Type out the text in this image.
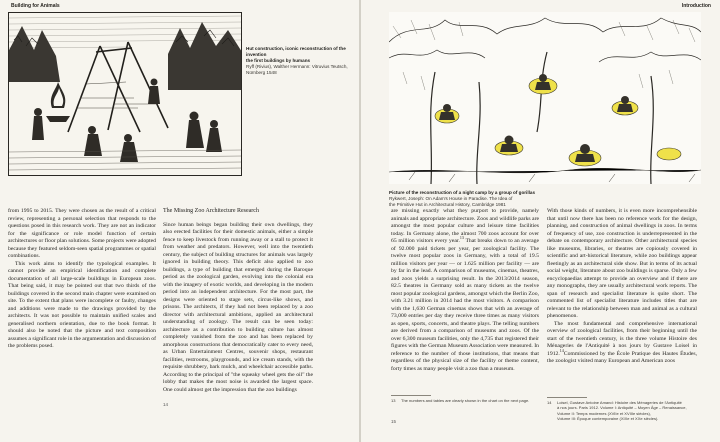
Building for Animals
Hut construction, iconic reconstruction of the invention
the first buildings by humans
Ryff (Rivius), Walther Hermann: Vitruvius Teutsch, Nürnberg 1548

from 1995 to 2015. They were chosen as the result of a critical review, representing a personal selection that responds to the questions posed in this research work. They are not an indicator for the significance or role model function of certain architectures or floor plan solutions. Some projects were adopted because they featured seldom-seen spatial programmes or spatial combinations.

This work aims to identify the typological examples. It cannot provide an empirical identification and complete documentation of all large-scale buildings in European zoos. That being said, it may be pointed out that two thirds of the buildings covered in the second main chapter were examined on site. To the extent that plans were incomplete or faulty, changes and additions were made to the drawings provided by the architects. It was not possible to maintain unified scales and generalised northern orientation, due to the book format. It should also be noted that the picture and text composition assumes a significant role in the argumentation and discussion of the problems posed.

The Missing Zoo Architecture Research

Since human beings began building their own dwellings, they also erected facilities for their domestic animals, either a simple fence to keep livestock from running away or a stall to protect it from weather and predators. However, well into the twentieth century, the subject of building structures for animals was largely ignored in building theory. This deficit also applied to zoo buildings, a type of building that emerged during the Baroque period as the zoological garden, evolving into the colonial era with the imagery of exotic worlds, and developing in the modern period into an independent architecture. For the most part, the designs were oriented to stage sets, circus-like shows, and prisons. The architects, if they had not been replaced by a zoo director with architectural ambitions, applied an architectural understanding of zoology. The result can be seen today: architecture as a contribution to building culture has almost completely vanished from the zoo and has been replaced by amorphous constructions that democratically cater to every need, as Urban Entertainment Centres, souvenir shops, restaurant facilities, restrooms, playgrounds, and ice cream stands, with the requisite shrubbery, bark mulch, and wheelchair accessible paths. According to the principal of "the squeaky wheel gets the oil" the lobby that makes the most noise is awarded the largest space. One could almost get the impression that the zoo buildings

14
Introduction
Picture of the reconstruction of a night camp by a group of gorillas
Rykwert, Joseph: On Adam's House in Paradise. The Idea of
the Primitive Hut in Architectural History, Cambridge 1981

are missing exactly what they purport to provide, namely animals and appropriate architecture. Zoos and wildlife parks are amongst the most popular culture and leisure time facilities today. In Germany alone, the almost 700 zoos account for over 65 million visitors every year.$^{13}$ That breaks down to an average of 92.000 paid tickets per year, per zoological facility. The twelve most popular zoos in Germany, with a total of 19.5 million visitors per year — or 1.625 million per facility — are by far in the lead. A comparison of museums, cinemas, theatres, and zoos yields a surprising result. In the 2013/2014 season, 82.5 theatres in Germany sold as many tickets as the twelve most popular zoological gardens, amongst which the Berlin Zoo, with 3.21 million in 2014 had the most visitors. A comparison with the 1,630 German cinemas shows that with an average of 73,000 entries per day they receive three times as many visitors as open, sports, concerts, and theatre plays. The telling numbers are derived from a comparison of museums and zoos. Of the over 6,300 museum facilities, only the 4,735 that registered their figures with the German Museum Association were measured. In reference to the number of those institutions, that means that regardless of the physical size of the facility or theme content, forty times as many people visit a zoo than a museum.

With those kinds of numbers, it is even more incomprehensible that until now there has been no reference work for the design, planning, and construction of animal dwellings in zoos. In terms of frequency of use, zoo construction is underrepresented in the debate on contemporary architecture. Other architectural species like museums, libraries, or theatres are copiously covered in scientific and art-historical literature, while zoo buildings appear fleetingly as an architectural side show. But in terms of its actual social weight, literature about zoo buildings is sparse. Only a few encyclopaedias attempt to provide an overview and if there are any monographs, they are usually architectural work reports. The span of research and specialist literature is quite short. The commented list of specialist literature includes titles that are relevant to the relationship between man and animal as a cultural phenomenon.

The most fundamental and comprehensive international overview of zoological facilities, from their beginning until the start of the twentieth century, is the three volume Histoire des Ménageries de l'Antiquité à nos jours by Gustave Loisel in 1912.14Commissioned by the École Pratique des Hautes Études, the zoologist visited many European and American zoos

13 The numbers and tables are clearly shown in the chart on the next page.	14 Loisel, Gustave Antoine Amand: Histoire des Ménageries de l'Antiquité
à nos jours. Paris 1912. Volume I: Antiquité – Moyen Âge – Renaissance,
Volume II: Temps modernes (XVIIe et XVIIIe siècles),
Volume III: Époque contemporaine (XIXe et XXe siècles).
15
